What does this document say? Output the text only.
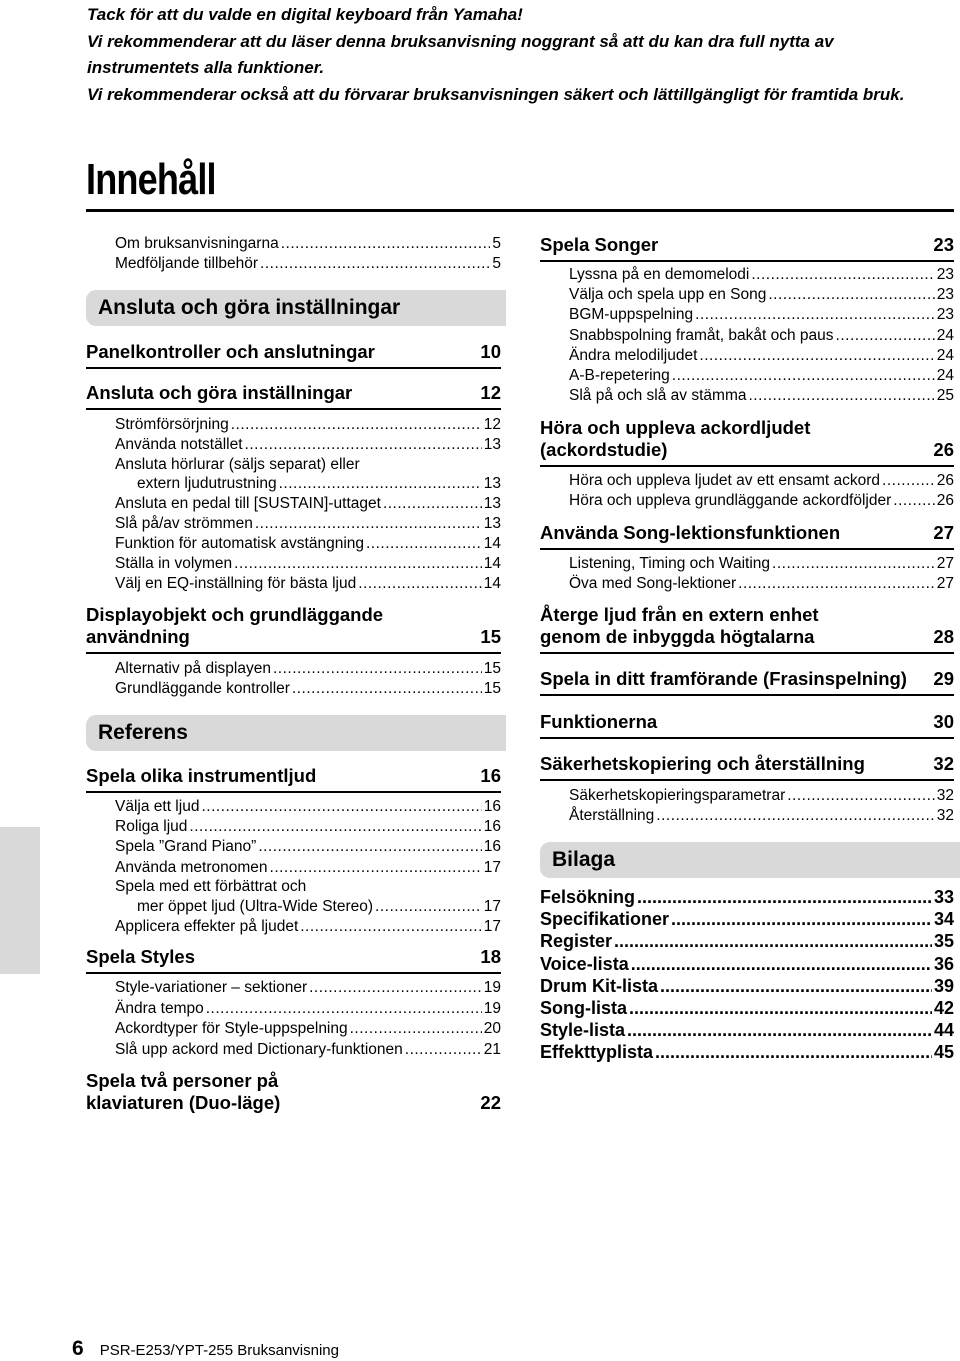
Tack för att du valde en digital keyboard från Yamaha!
Vi rekommenderar att du läser denna bruksanvisning noggrant så att du kan dra full nytta av
instrumentets alla funktioner.
Vi rekommenderar också att du förvarar bruksanvisningen säkert och lättillgängligt för framtida bruk.
Innehåll
Om bruksanvisningarna .....	5
Medföljande tillbehör .....	5
Ansluta och göra inställningar
Panelkontroller och anslutningar	10
Ansluta och göra inställningar	12
Strömförsörjning .....	12
Använda notstället .....	13
Ansluta hörlurar (säljs separat) eller
extern ljudutrustning .....	13
Ansluta en pedal till [SUSTAIN]-uttaget .....	13
Slå på/av strömmen .....	13
Funktion för automatisk avstängning .....	14
Ställa in volymen .....	14
Välj en EQ-inställning för bästa ljud .....	14
Displayobjekt och grundläggande
användning	15
Alternativ på displayen .....	15
Grundläggande kontroller .....	15
Referens
Spela olika instrumentljud	16
Välja ett ljud .....	16
Roliga ljud .....	16
Spela ”Grand Piano” .....	16
Använda metronomen .....	17
Spela med ett förbättrat och
mer öppet ljud (Ultra-Wide Stereo) .....	17
Applicera effekter på ljudet .....	17
Spela Styles	18
Style-variationer – sektioner .....	19
Ändra tempo .....	19
Ackordtyper för Style-uppspelning .....	20
Slå upp ackord med Dictionary-funktionen .....	21
Spela två personer på
klaviaturen (Duo-läge)	22
Spela Songer	23
Lyssna på en demomelodi .....	23
Välja och spela upp en Song .....	23
BGM-uppspelning .....	23
Snabbspolning framåt, bakåt och paus .....	24
Ändra melodiljudet .....	24
A-B-repetering .....	24
Slå på och slå av stämma .....	25
Höra och uppleva ackordljudet
(ackordstudie)	26
Höra och uppleva ljudet av ett ensamt ackord .....	26
Höra och uppleva grundläggande ackordföljder .....	26
Använda Song-lektionsfunktionen	27
Listening, Timing och Waiting .....	27
Öva med Song-lektioner .....	27
Återge ljud från en extern enhet
genom de inbyggda högtalarna	28
Spela in ditt framförande (Frasinspelning)	29
Funktionerna	30
Säkerhetskopiering och återställning	32
Säkerhetskopieringsparametrar .....	32
Återställning .....	32
Bilaga
Felsökning .....	33
Specifikationer .....	34
Register .....	35
Voice-lista .....	36
Drum Kit-lista .....	39
Song-lista .....	42
Style-lista .....	44
Effekttyplista .....	45
6 PSR-E253/YPT-255 Bruksanvisning
